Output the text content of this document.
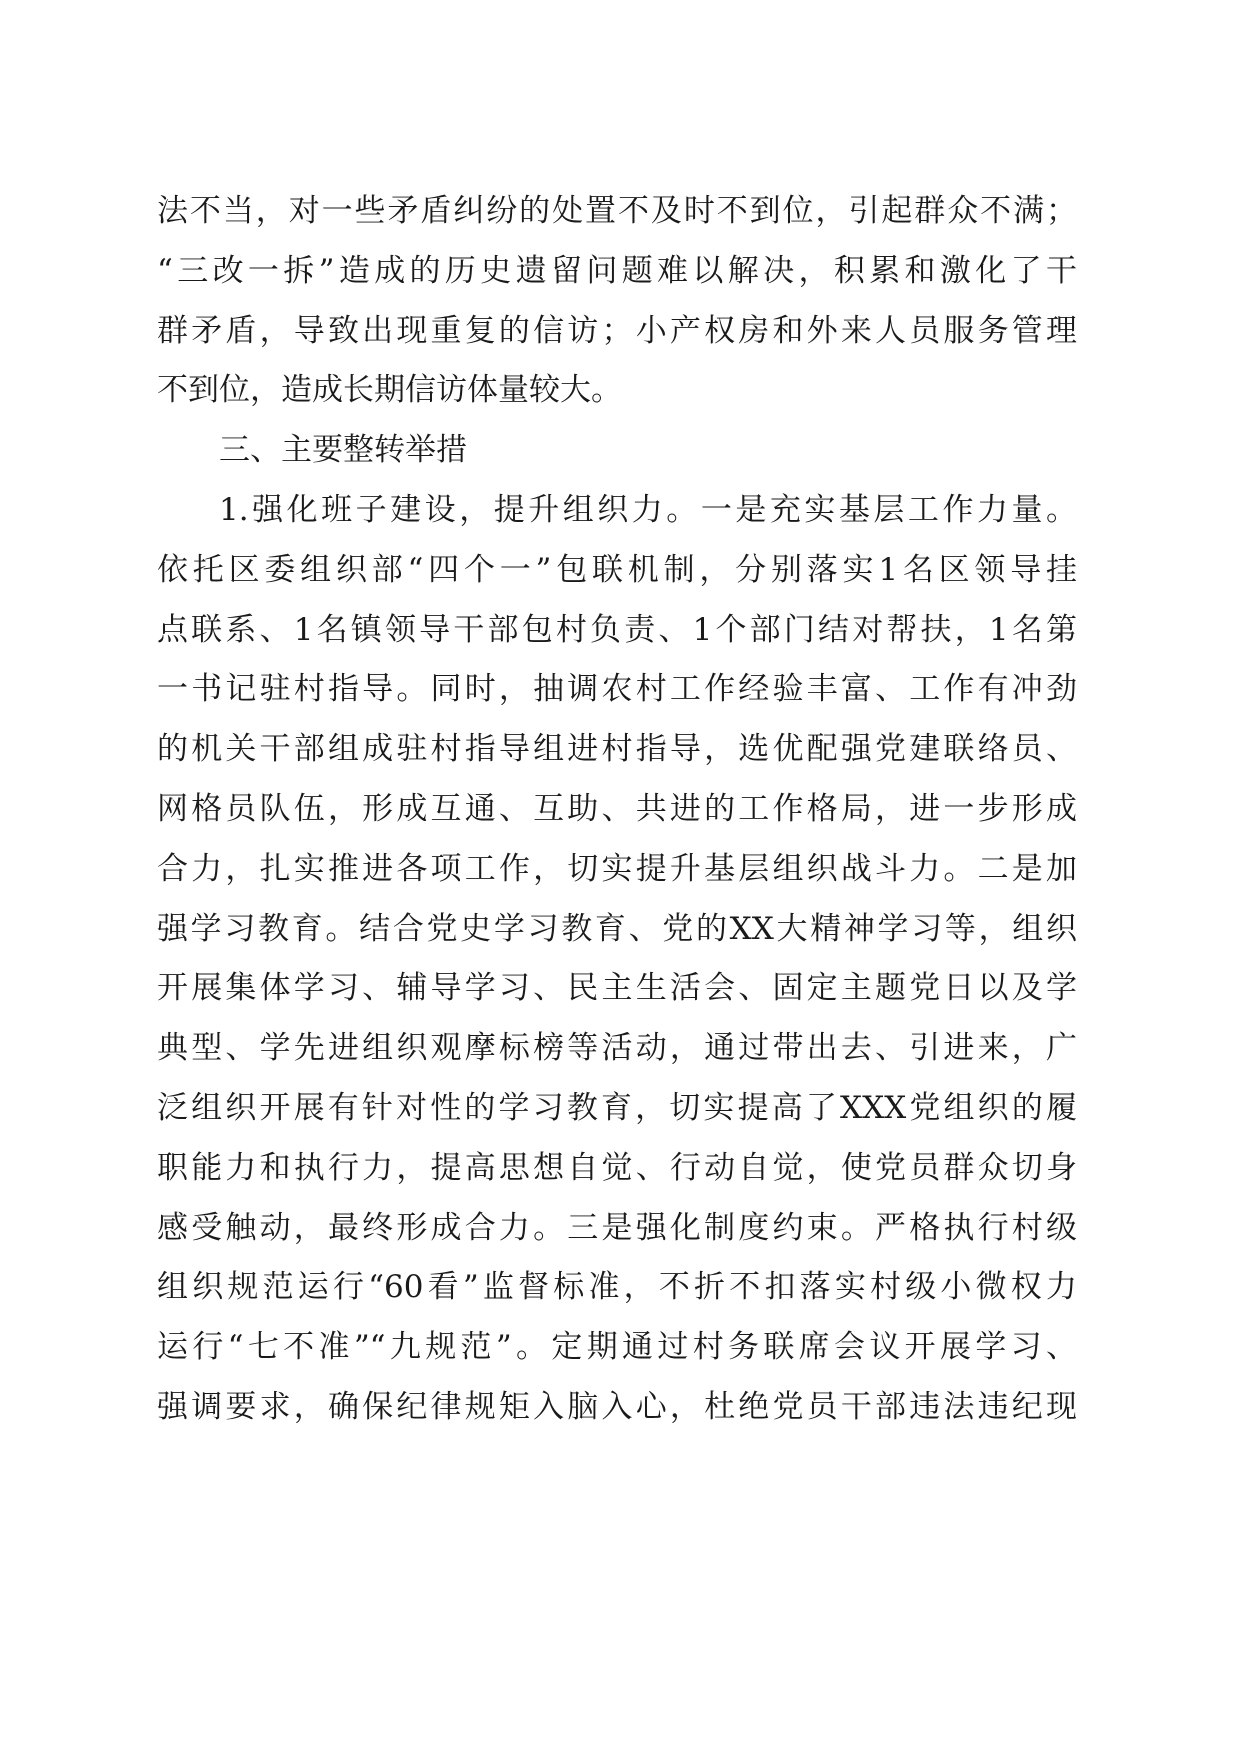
法不当，对一些矛盾纠纷的处置不及时不到位，引起群众不满；
“三改一拆”造成的历史遗留问题难以解决，积累和激化了干
群矛盾，导致出现重复的信访；小产权房和外来人员服务管理
不到位，造成长期信访体量较大。
三、主要整转举措
1.强化班子建设，提升组织力。一是充实基层工作力量。
依托区委组织部“四个一”包联机制，分别落实1名区领导挂
点联系、1名镇领导干部包村负责、1个部门结对帮扶，1名第
一书记驻村指导。同时，抽调农村工作经验丰富、工作有冲劲
的机关干部组成驻村指导组进村指导，选优配强党建联络员、
网格员队伍，形成互通、互助、共进的工作格局，进一步形成
合力，扎实推进各项工作，切实提升基层组织战斗力。二是加
强学习教育。结合党史学习教育、党的XX大精神学习等，组织
开展集体学习、辅导学习、民主生活会、固定主题党日以及学
典型、学先进组织观摩标榜等活动，通过带出去、引进来，广
泛组织开展有针对性的学习教育，切实提高了XXX党组织的履
职能力和执行力，提高思想自觉、行动自觉，使党员群众切身
感受触动，最终形成合力。三是强化制度约束。严格执行村级
组织规范运行“60看”监督标准，不折不扣落实村级小微权力
运行“七不准”“九规范”。定期通过村务联席会议开展学习、
强调要求，确保纪律规矩入脑入心，杜绝党员干部违法违纪现
